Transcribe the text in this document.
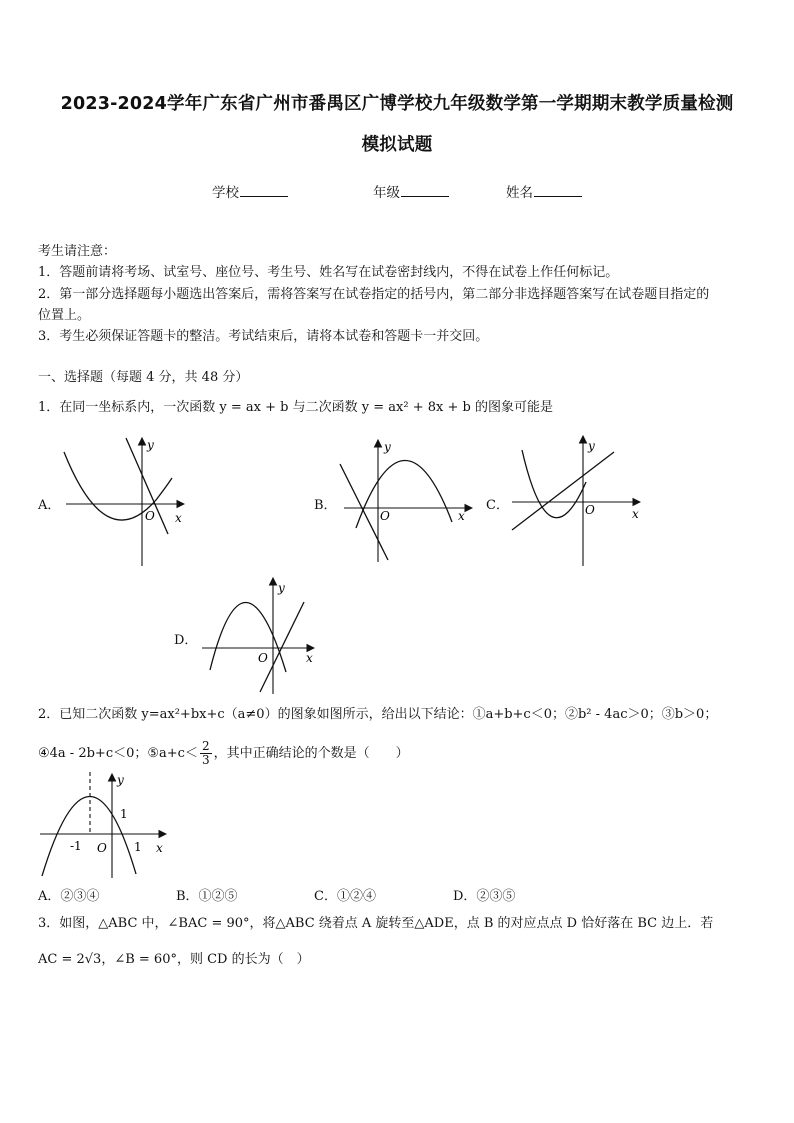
2023-2024学年广东省广州市番禺区广博学校九年级数学第一学期期末教学质量检测
模拟试题
学校	年级	姓名
考生请注意：
1．答题前请将考场、试室号、座位号、考生号、姓名写在试卷密封线内，不得在试卷上作任何标记。
2．第一部分选择题每小题选出答案后，需将答案写在试卷指定的括号内，第二部分非选择题答案写在试卷题目指定的
位置上。
3．考生必须保证答题卡的整洁。考试结束后，请将本试卷和答题卡一并交回。
一、选择题（每题 4 分，共 48 分）
1．在同一坐标系内，一次函数 y = ax + b 与二次函数 y = ax² + 8x + b 的图象可能是
A．
y
O x
B．
y
O	x
C．
y
O	x
D．
y
O	x
2．已知二次函数 y=ax²+bx+c（a≠0）的图象如图所示，给出以下结论：①a+b+c＜0；②b² - 4ac＞0；③b＞0；
④4a - 2b+c＜0；⑤a+c＜ $\frac{2}{3}$ ，其中正确结论的个数是（　　）
y
1
-1 O 1 x
A．②③④	B．①②⑤	C．①②④	D．②③⑤
3．如图，△ABC 中，∠BAC = 90°，将△ABC 绕着点 A 旋转至△ADE，点 B 的对应点点 D 恰好落在 BC 边上．若
AC = 2√3，∠B = 60°，则 CD 的长为（　）
